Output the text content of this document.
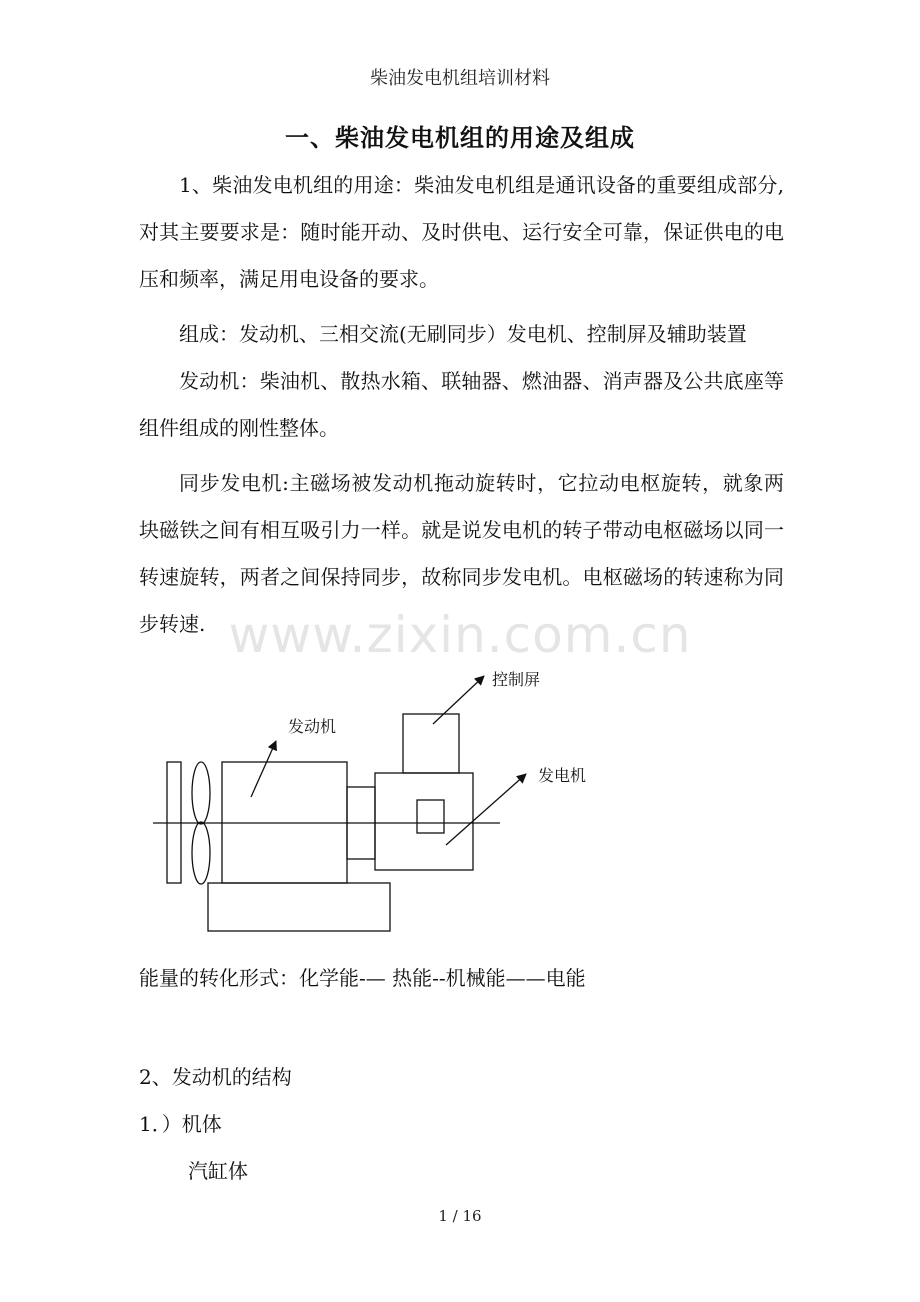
柴油发电机组培训材料
一、柴油发电机组的用途及组成

1、柴油发电机组的用途：柴油发电机组是通讯设备的重要组成部分,对其主要要求是：随时能开动、及时供电、运行安全可靠，保证供电的电压和频率，满足用电设备的要求。

组成：发动机、三相交流(无刷同步）发电机、控制屏及辅助装置

发动机：柴油机、散热水箱、联轴器、燃油器、消声器及公共底座等组件组成的刚性整体。

同步发电机:主磁场被发动机拖动旋转时，它拉动电枢旋转，就象两块磁铁之间有相互吸引力一样。就是说发电机的转子带动电枢磁场以同一转速旋转，两者之间保持同步，故称同步发电机。电枢磁场的转速称为同步转速. www.zixin.com.cn
控制屏
发动机
发电机
能量的转化形式：化学能-— 热能--机械能——电能
2、发动机的结构
1．）机体
汽缸体
1 / 16
